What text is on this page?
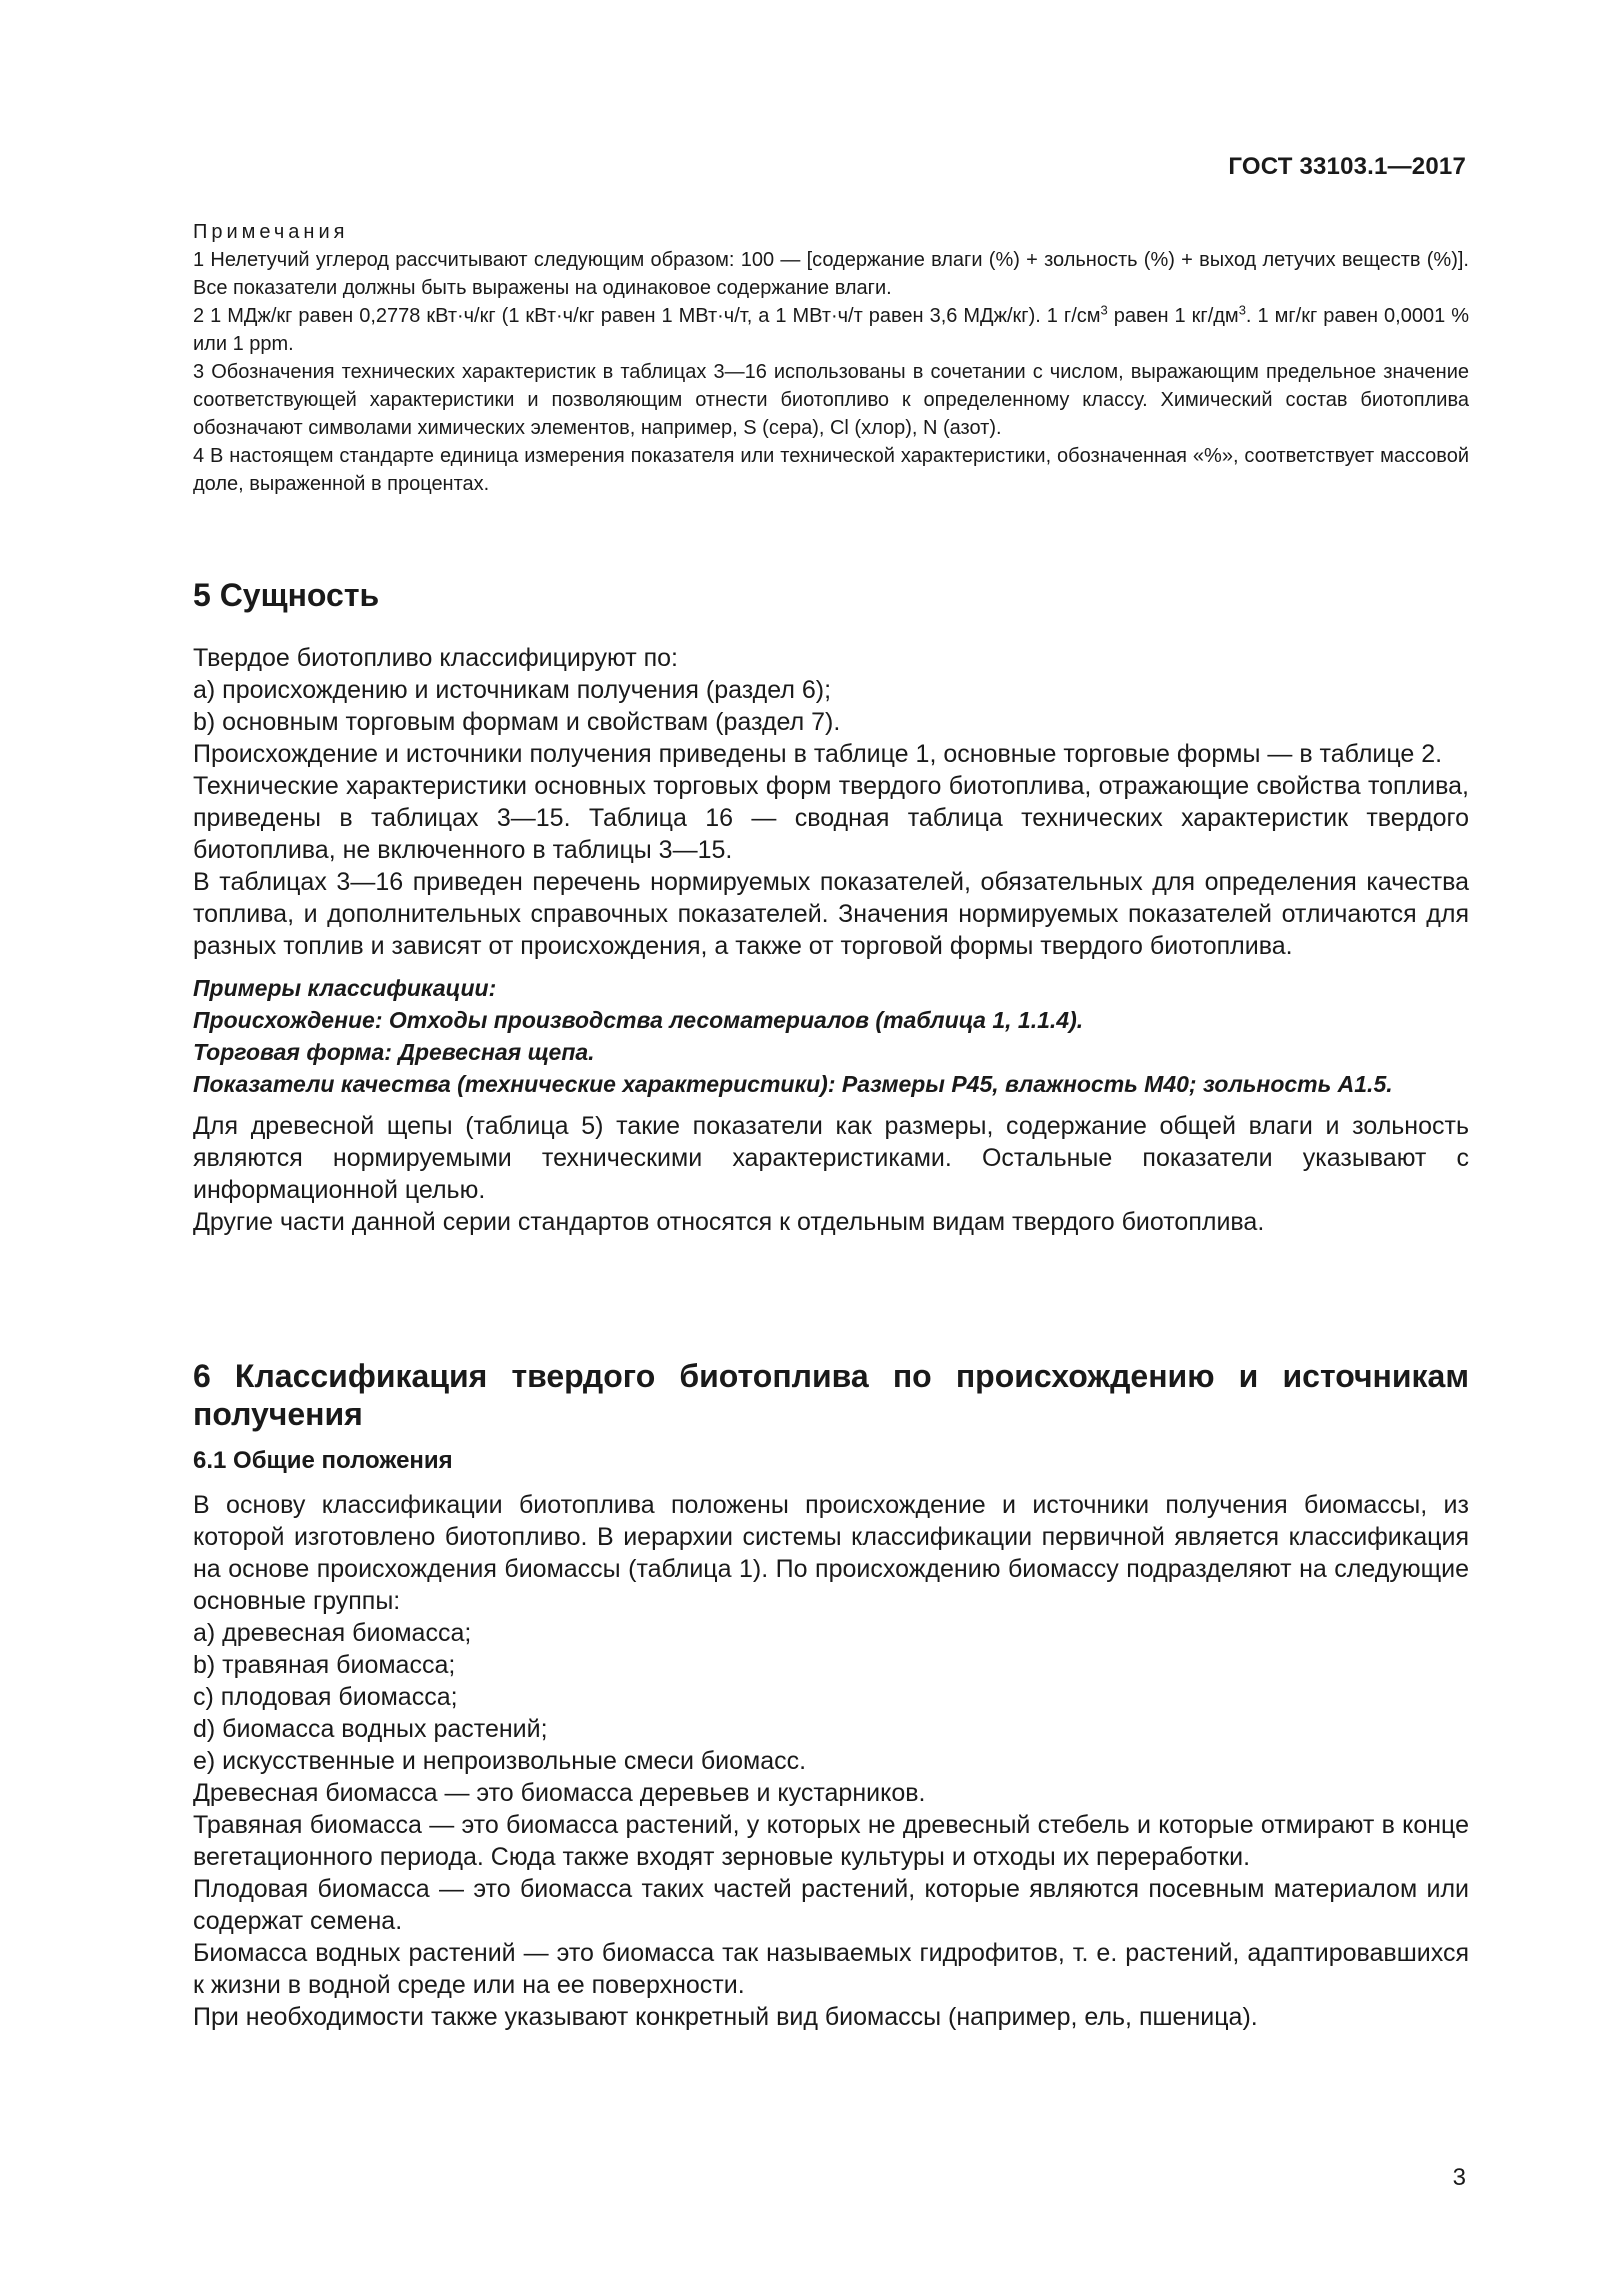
ГОСТ 33103.1—2017

Примечания

1 Нелетучий углерод рассчитывают следующим образом: 100 — [содержание влаги (%) + зольность (%) + выход летучих веществ (%)]. Все показатели должны быть выражены на одинаковое содержание влаги.

2 1 МДж/кг равен 0,2778 кВт·ч/кг (1 кВт·ч/кг равен 1 МВт·ч/т, а 1 МВт·ч/т равен 3,6 МДж/кг). 1 $г/см^3$ равен 1 $кг/дм^3$. 1 мг/кг равен 0,0001 % или 1 ppm.

3 Обозначения технических характеристик в таблицах 3—16 использованы в сочетании с числом, выражающим предельное значение соответствующей характеристики и позволяющим отнести биотопливо к определенному классу. Химический состав биотоплива обозначают символами химических элементов, например, S (сера), Cl (хлор), N (азот).

4 В настоящем стандарте единица измерения показателя или технической характеристики, обозначенная «%», соответствует массовой доле, выраженной в процентах.

5 Сущность

Твердое биотопливо классифицируют по:

a) происхождению и источникам получения (раздел 6);

b) основным торговым формам и свойствам (раздел 7).

Происхождение и источники получения приведены в таблице 1, основные торговые формы — в таблице 2.

Технические характеристики основных торговых форм твердого биотоплива, отражающие свойства топлива, приведены в таблицах 3—15. Таблица 16 — сводная таблица технических характеристик твердого биотоплива, не включенного в таблицы 3—15.

В таблицах 3—16 приведен перечень нормируемых показателей, обязательных для определения качества топлива, и дополнительных справочных показателей. Значения нормируемых показателей отличаются для разных топлив и зависят от происхождения, а также от торговой формы твердого биотоплива.

Примеры классификации:

Происхождение: Отходы производства лесоматериалов (таблица 1, 1.1.4).

Торговая форма: Древесная щепа.

Показатели качества (технические характеристики): Размеры P45, влажность M40; зольность A1.5.

Для древесной щепы (таблица 5) такие показатели как размеры, содержание общей влаги и зольность являются нормируемыми техническими характеристиками. Остальные показатели указывают с информационной целью.

Другие части данной серии стандартов относятся к отдельным видам твердого биотоплива.

6 Классификация твердого биотоплива по происхождению и источникам получения
6.1 Общие положения

В основу классификации биотоплива положены происхождение и источники получения биомассы, из которой изготовлено биотопливо. В иерархии системы классификации первичной является классификация на основе происхождения биомассы (таблица 1). По происхождению биомассу подразделяют на следующие основные группы:

a) древесная биомасса;

b) травяная биомасса;

c) плодовая биомасса;

d) биомасса водных растений;

e) искусственные и непроизвольные смеси биомасс.

Древесная биомасса — это биомасса деревьев и кустарников.

Травяная биомасса — это биомасса растений, у которых не древесный стебель и которые отмирают в конце вегетационного периода. Сюда также входят зерновые культуры и отходы их переработки.

Плодовая биомасса — это биомасса таких частей растений, которые являются посевным материалом или содержат семена.

Биомасса водных растений — это биомасса так называемых гидрофитов, т. е. растений, адаптировавшихся к жизни в водной среде или на ее поверхности.

При необходимости также указывают конкретный вид биомассы (например, ель, пшеница).

3
